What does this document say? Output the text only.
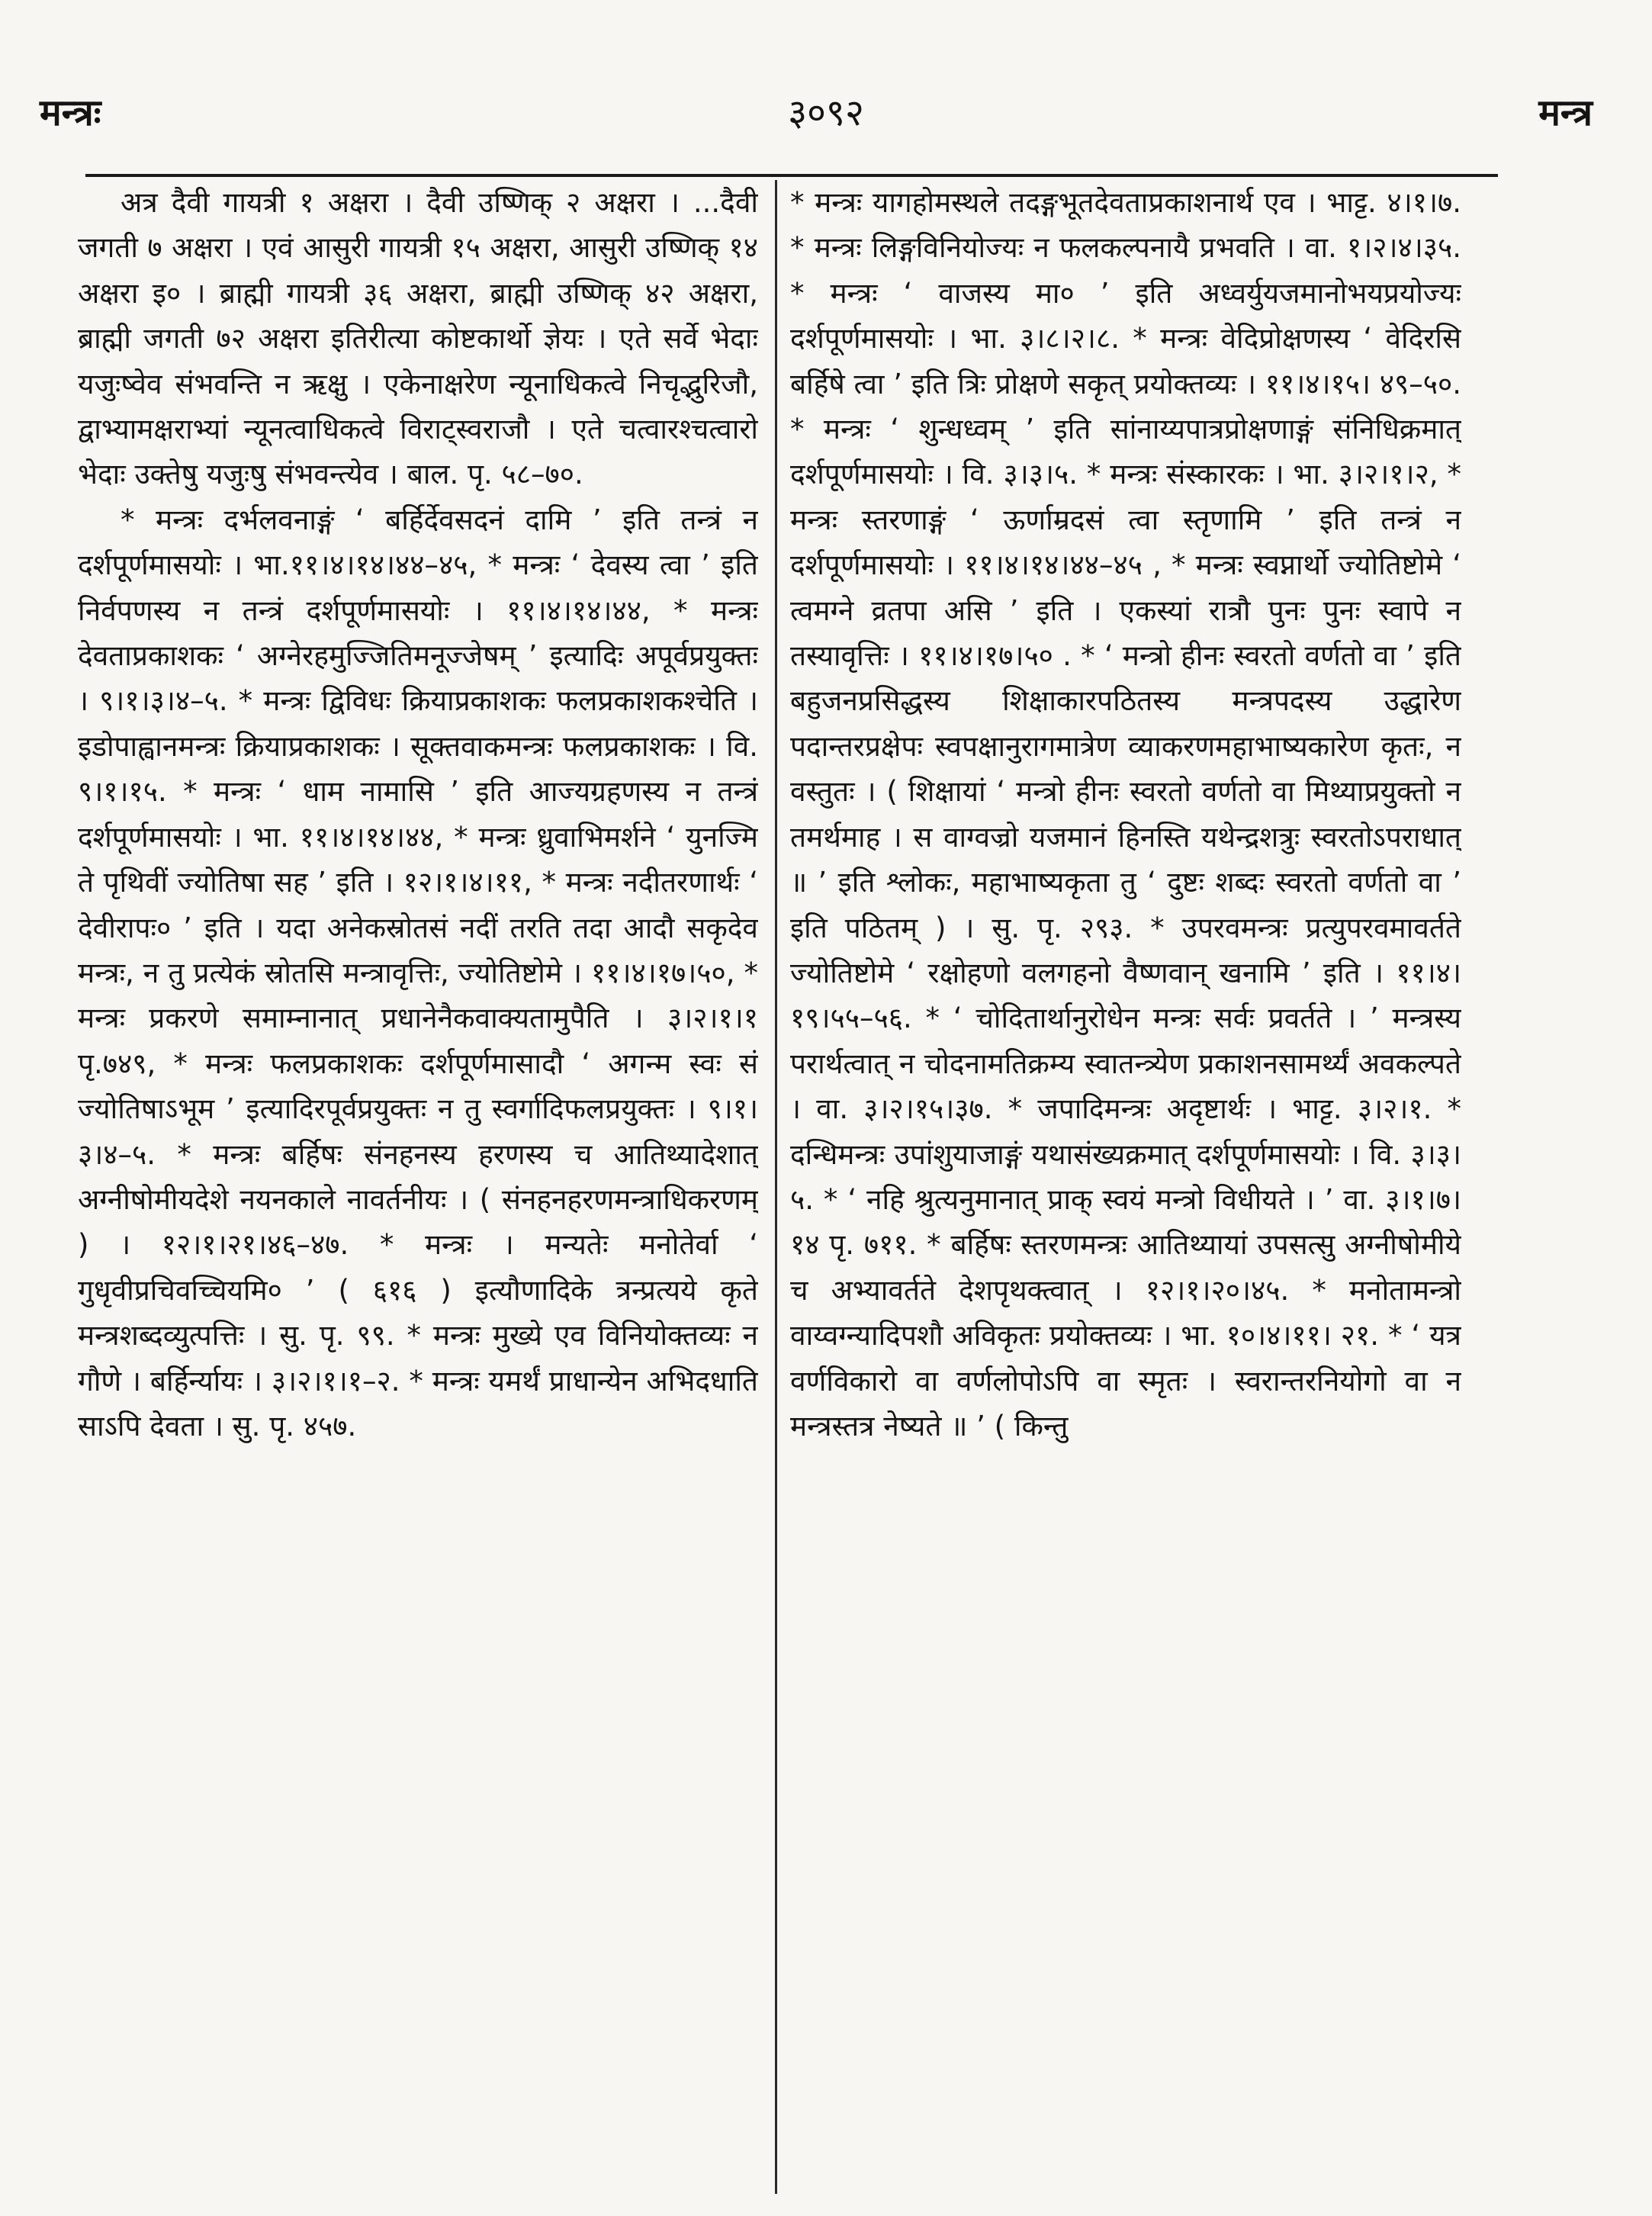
मन्त्रः	३०९२	मन्त्र

अत्र दैवी गायत्री १ अक्षरा । दैवी उष्णिक् २ अक्षरा । ...दैवी जगती ७ अक्षरा । एवं आसुरी गायत्री १५ अक्षरा, आसुरी उष्णिक् १४ अक्षरा इ० । ब्राह्मी गायत्री ३६ अक्षरा, ब्राह्मी उष्णिक् ४२ अक्षरा, ब्राह्मी जगती ७२ अक्षरा इतिरीत्या कोष्टकार्थो ज्ञेयः । एते सर्वे भेदाः यजुःष्वेव संभवन्ति न ऋक्षु । एकेनाक्षरेण न्यूनाधिकत्वे निचृद्भुरिजौ, द्वाभ्यामक्षराभ्यां न्यूनत्वाधिकत्वे विराट्स्वराजौ । एते चत्वारश्चत्वारो भेदाः उक्तेषु यजुःषु संभवन्त्येव । बाल. पृ. ५८–७०.

* मन्त्रः दर्भलवनाङ्गं ‘ बर्हिर्देवसदनं दामि ’ इति तन्त्रं न दर्शपूर्णमासयोः । भा.११।४।१४।४४–४५, * मन्त्रः ‘ देवस्य त्वा ’ इति निर्वपणस्य न तन्त्रं दर्शपूर्णमासयोः । ११।४।१४।४४, * मन्त्रः देवताप्रकाशकः ‘ अग्नेरहमुज्जितिमनूज्जेषम् ’ इत्यादिः अपूर्वप्रयुक्तः । ९।१।३।४–५. * मन्त्रः द्विविधः क्रियाप्रकाशकः फलप्रकाशकश्चेति । इडोपाह्वानमन्त्रः क्रियाप्रकाशकः । सूक्तवाकमन्त्रः फलप्रकाशकः । वि. ९।१।१५. * मन्त्रः ‘ धाम नामासि ’ इति आज्यग्रहणस्य न तन्त्रं दर्शपूर्णमासयोः । भा. ११।४।१४।४४, * मन्त्रः ध्रुवाभिमर्शने ‘ युनज्मि ते पृथिवीं ज्योतिषा सह ’ इति । १२।१।४।११, * मन्त्रः नदीतरणार्थः ‘ देवीरापः० ’ इति । यदा अनेकस्रोतसं नदीं तरति तदा आदौ सकृदेव मन्त्रः, न तु प्रत्येकं स्रोतसि मन्त्रावृत्तिः, ज्योतिष्टोमे । ११।४।१७।५०, * मन्त्रः प्रकरणे समाम्नानात् प्रधानेनैकवाक्यतामुपैति । ३।२।१।१ पृ.७४९, * मन्त्रः फलप्रकाशकः दर्शपूर्णमासादौ ‘ अगन्म स्वः सं ज्योतिषाऽभूम ’ इत्यादिरपूर्वप्रयुक्तः न तु स्वर्गादिफलप्रयुक्तः । ९।१।३।४–५. * मन्त्रः बर्हिषः संनहनस्य हरणस्य च आतिथ्यादेशात् अग्नीषोमीयदेशे नयनकाले नावर्तनीयः । ( संनहनहरणमन्त्राधिकरणम् ) । १२।१।२१।४६–४७. * मन्त्रः । मन्यतेः मनोतेर्वा ‘ गुधृवीप्रचिवच्चियमि० ’ ( ६१६ ) इत्यौणादिके त्रन्प्रत्यये कृते मन्त्रशब्दव्युत्पत्तिः । सु. पृ. ९९. * मन्त्रः मुख्ये एव विनियोक्तव्यः न गौणे । बर्हिर्न्यायः । ३।२।१।१–२. * मन्त्रः यमर्थं प्राधान्येन अभिदधाति साऽपि देवता । सु. पृ. ४५७.

* मन्त्रः यागहोमस्थले तदङ्गभूतदेवताप्रकाशनार्थ एव । भाट्ट. ४।१।७. * मन्त्रः लिङ्गविनियोज्यः न फलकल्पनायै प्रभवति । वा. १।२।४।३५. * मन्त्रः ‘ वाजस्य मा० ’ इति अध्वर्युयजमानोभयप्रयोज्यः दर्शपूर्णमासयोः । भा. ३।८।२।८. * मन्त्रः वेदिप्रोक्षणस्य ‘ वेदिरसि बर्हिषे त्वा ’ इति त्रिः प्रोक्षणे सकृत् प्रयोक्तव्यः । ११।४।१५। ४९–५०. * मन्त्रः ‘ शुन्धध्वम् ’ इति सांनाय्यपात्रप्रोक्षणाङ्गं संनिधिक्रमात् दर्शपूर्णमासयोः । वि. ३।३।५. * मन्त्रः संस्कारकः । भा. ३।२।१।२, * मन्त्रः स्तरणाङ्गं ‘ ऊर्णाम्रदसं त्वा स्तृणामि ’ इति तन्त्रं न दर्शपूर्णमासयोः । ११।४।१४।४४–४५ , * मन्त्रः स्वप्नार्थो ज्योतिष्टोमे ‘ त्वमग्ने व्रतपा असि ’ इति । एकस्यां रात्रौ पुनः पुनः स्वापे न तस्यावृत्तिः । ११।४।१७।५० . * ‘ मन्त्रो हीनः स्वरतो वर्णतो वा ’ इति बहुजनप्रसिद्धस्य शिक्षाकारपठितस्य मन्त्रपदस्य उद्धारेण पदान्तरप्रक्षेपः स्वपक्षानुरागमात्रेण व्याकरणमहाभाष्यकारेण कृतः, न वस्तुतः । ( शिक्षायां ‘ मन्त्रो हीनः स्वरतो वर्णतो वा मिथ्याप्रयुक्तो न तमर्थमाह । स वाग्वज्रो यजमानं हिनस्ति यथेन्द्रशत्रुः स्वरतोऽपराधात् ॥ ’ इति श्लोकः, महाभाष्यकृता तु ‘ दुष्टः शब्दः स्वरतो वर्णतो वा ’ इति पठितम् ) । सु. पृ. २९३. * उपरवमन्त्रः प्रत्युपरवमावर्तते ज्योतिष्टोमे ‘ रक्षोहणो वलगहनो वैष्णवान् खनामि ’ इति । ११।४।१९।५५–५६. * ‘ चोदितार्थानुरोधेन मन्त्रः सर्वः प्रवर्तते । ’ मन्त्रस्य परार्थत्वात् न चोदनामतिक्रम्य स्वातन्त्र्येण प्रकाशनसामर्थ्यं अवकल्पते । वा. ३।२।१५।३७. * जपादिमन्त्रः अदृष्टार्थः । भाट्ट. ३।२।१. * दन्धिमन्त्रः उपांशुयाजाङ्गं यथासंख्यक्रमात् दर्शपूर्णमासयोः । वि. ३।३।५. * ‘ नहि श्रुत्यनुमानात् प्राक् स्वयं मन्त्रो विधीयते । ’ वा. ३।१।७।१४ पृ. ७११. * बर्हिषः स्तरणमन्त्रः आतिथ्यायां उपसत्सु अग्नीषोमीये च अभ्यावर्तते देशपृथक्त्वात् । १२।१।२०।४५. * मनोतामन्त्रो वाय्वग्न्यादिपशौ अविकृतः प्रयोक्तव्यः । भा. १०।४।११। २१. * ‘ यत्र वर्णविकारो वा वर्णलोपोऽपि वा स्मृतः । स्वरान्तरनियोगो वा न मन्त्रस्तत्र नेष्यते ॥ ’ ( किन्तु
